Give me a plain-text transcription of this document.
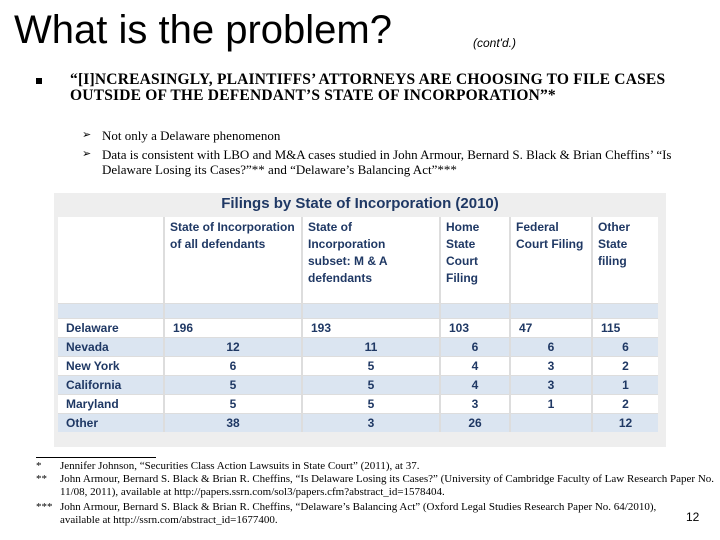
What is the problem?	(cont'd.)
“[I]NCREASINGLY, PLAINTIFFS’ ATTORNEYS ARE CHOOSING TO FILE CASES OUTSIDE OF THE DEFENDANT’S STATE OF INCORPORATION”*
➢ Not only a Delaware phenomenon
➢ Data is consistent with LBO and M&A cases studied in John Armour, Bernard S. Black & Brian Cheffins’ “Is Delaware Losing its Cases?”** and “Delaware’s Balancing Act”***
Filings by State of Incorporation (2010)
	State of Incorporation of all defendants	State of Incorporation subset: M & A defendants	Home State Court Filing	Federal Court Filing	Other State filing

Delaware	196	193	103	47	115
Nevada	12	11	6	6	6
New York	6	5	4	3	2
California	5	5	4	3	1
Maryland	5	5	3	1	2
Other	38	3	26		12
* Jennifer Johnson, “Securities Class Action Lawsuits in State Court” (2011), at 37.
** John Armour, Bernard S. Black & Brian R. Cheffins, “Is Delaware Losing its Cases?” (University of Cambridge Faculty of Law Research Paper No. 11/08, 2011), available at http://papers.ssrn.com/sol3/papers.cfm?abstract_id=1578404.
*** John Armour, Bernard S. Black & Brian R. Cheffins, “Delaware’s Balancing Act” (Oxford Legal Studies Research Paper No. 64/2010), available at http://ssrn.com/abstract_id=1677400.	12
